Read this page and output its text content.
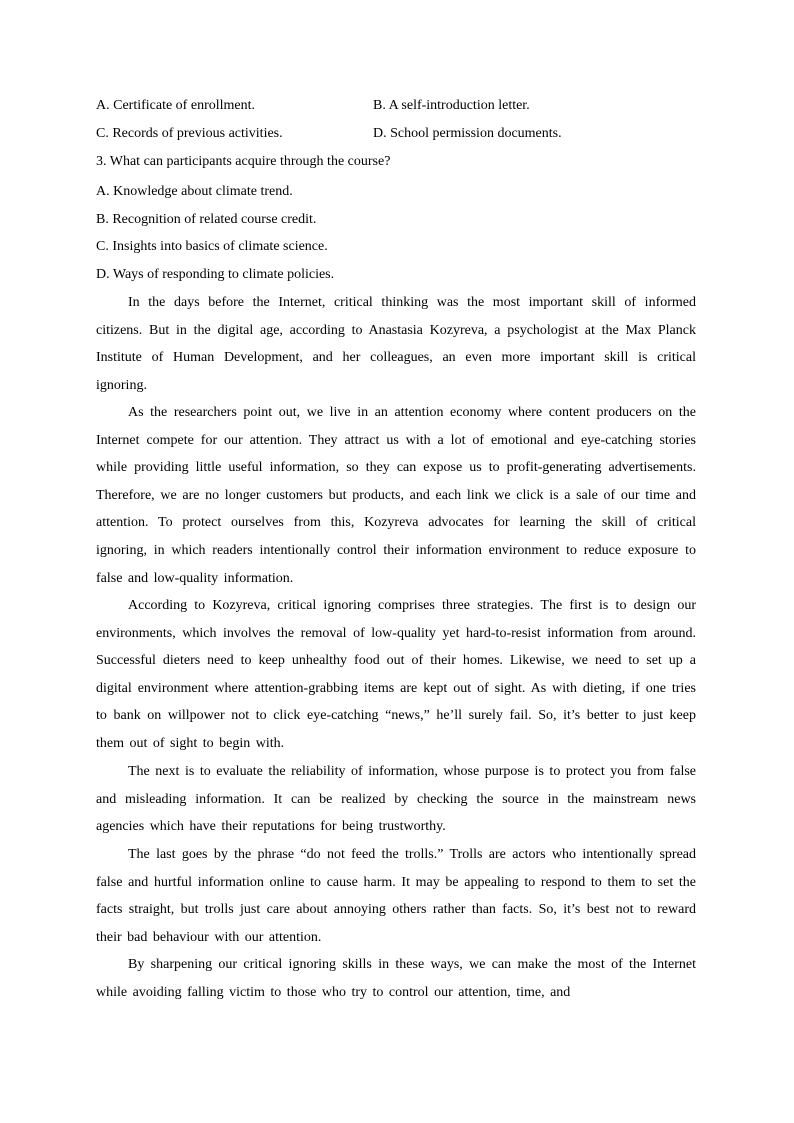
A. Certificate of enrollment.	B. A self-introduction letter.
C. Records of previous activities.	D. School permission documents.
3. What can participants acquire through the course?
A. Knowledge about climate trend.
B. Recognition of related course credit.
C. Insights into basics of climate science.
D. Ways of responding to climate policies.

In the days before the Internet, critical thinking was the most important skill of informed citizens. But in the digital age, according to Anastasia Kozyreva, a psychologist at the Max Planck Institute of Human Development, and her colleagues, an even more important skill is critical ignoring.

As the researchers point out, we live in an attention economy where content producers on the Internet compete for our attention. They attract us with a lot of emotional and eye-catching stories while providing little useful information, so they can expose us to profit-generating advertisements. Therefore, we are no longer customers but products, and each link we click is a sale of our time and attention. To protect ourselves from this, Kozyreva advocates for learning the skill of critical ignoring, in which readers intentionally control their information environment to reduce exposure to false and low-quality information.

According to Kozyreva, critical ignoring comprises three strategies. The first is to design our environments, which involves the removal of low-quality yet hard-to-resist information from around. Successful dieters need to keep unhealthy food out of their homes. Likewise, we need to set up a digital environment where attention-grabbing items are kept out of sight. As with dieting, if one tries to bank on willpower not to click eye-catching “news,” he’ll surely fail. So, it’s better to just keep them out of sight to begin with.

The next is to evaluate the reliability of information, whose purpose is to protect you from false and misleading information. It can be realized by checking the source in the mainstream news agencies which have their reputations for being trustworthy.

The last goes by the phrase “do not feed the trolls.” Trolls are actors who intentionally spread false and hurtful information online to cause harm. It may be appealing to respond to them to set the facts straight, but trolls just care about annoying others rather than facts. So, it’s best not to reward their bad behaviour with our attention.

By sharpening our critical ignoring skills in these ways, we can make the most of the Internet while avoiding falling victim to those who try to control our attention, time, and
